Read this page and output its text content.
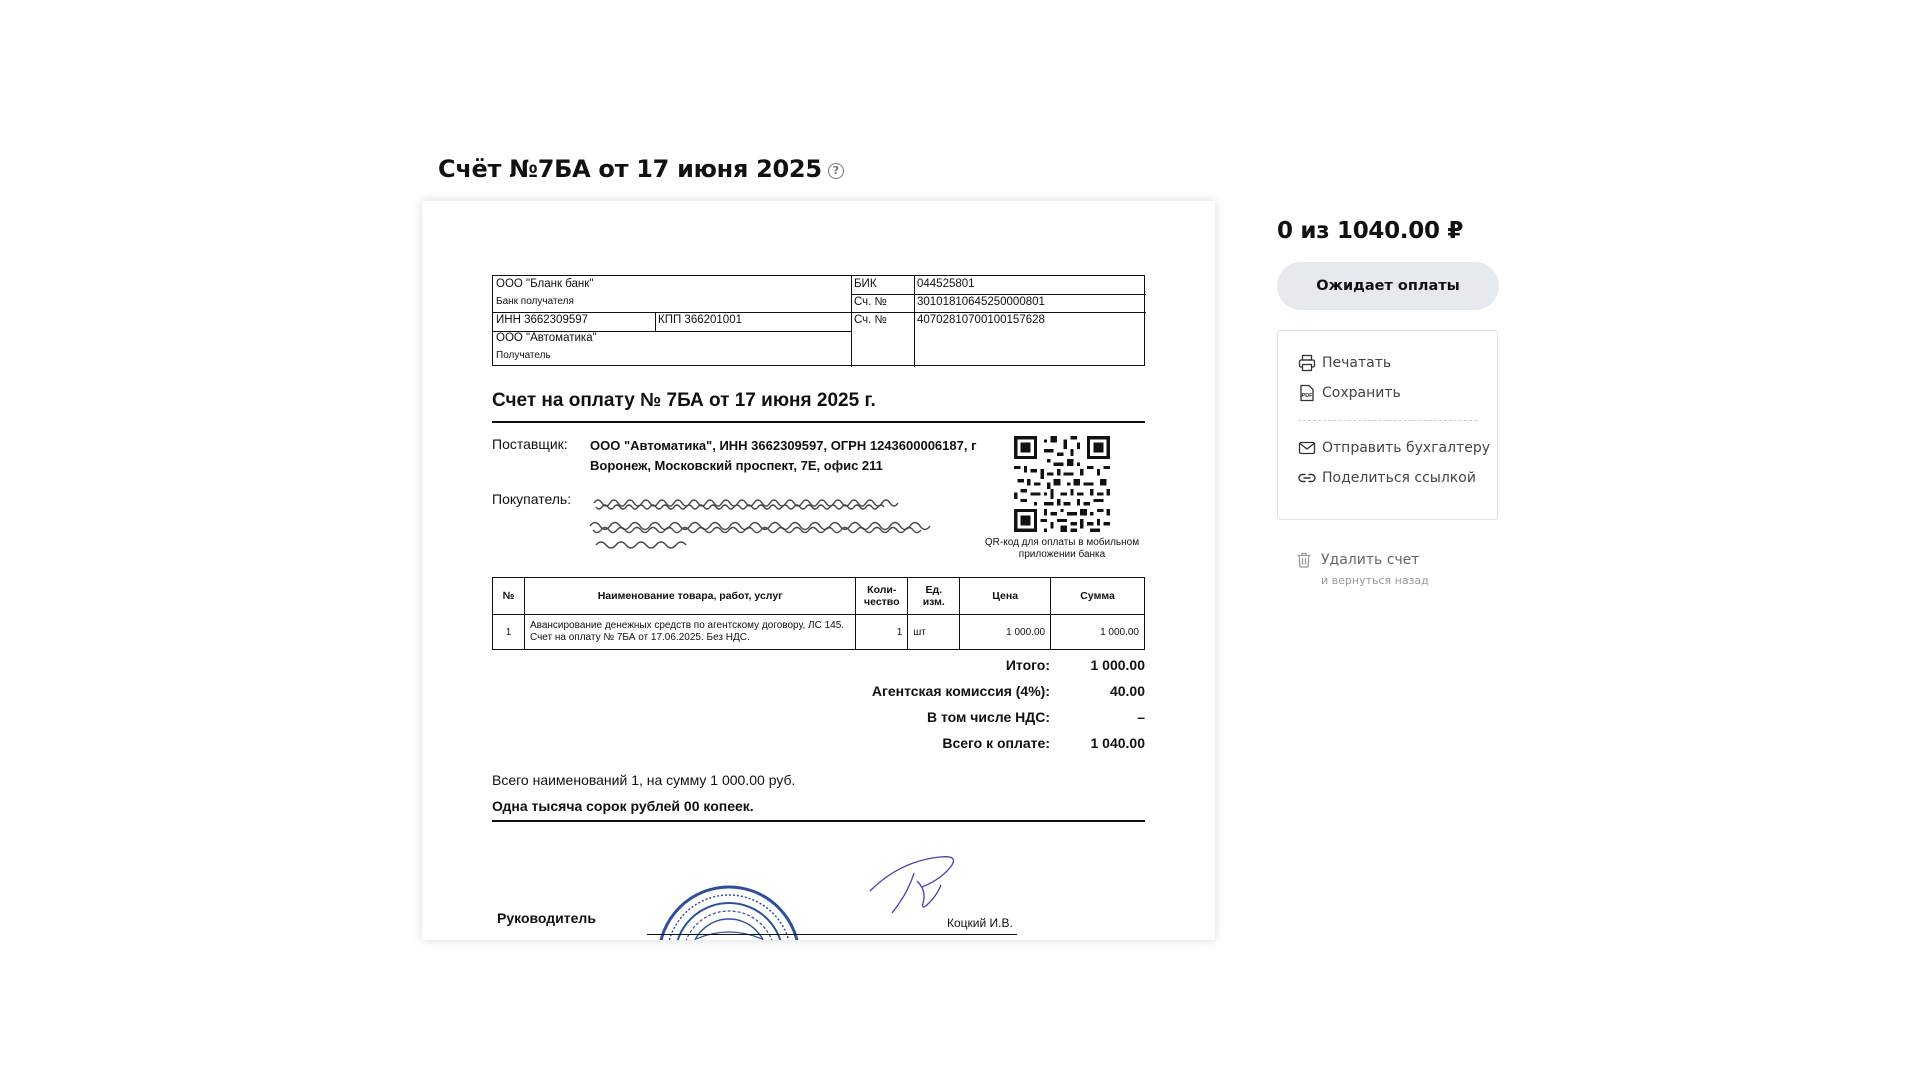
Счёт №7БА от 17 июня 2025 ?
ООО "Бланк банк"
Банк получателя
ИНН 3662309597	КПП 366201001
ООО "Автоматика"
Получатель
БИК	044525801
Сч. №	30101810645250000801
Сч. №	40702810700100157628
Счет на оплату № 7БА от 17 июня 2025 г.
Поставщик: ООО "Автоматика", ИНН 3662309597, ОГРН 1243600006187, г
Воронеж, Московский проспект, 7Е, офис 211
Покупатель:
QR-код для оплаты в мобильном приложении банка
№	Наименование товара, работ, услуг	Коли-чество	Ед. изм.	Цена	Сумма
1	Авансирование денежных средств по агентскому договору, ЛС 145. Счет на оплату № 7БА от 17.06.2025. Без НДС.	1	шт	1 000.00	1 000.00
Итого:	1 000.00
Агентская комиссия (4%):	40.00
В том числе НДС:	–
Всего к оплате:	1 040.00
Всего наименований 1, на сумму 1 000.00 руб.
Одна тысяча сорок рублей 00 копеек.
Руководитель	Коцкий И.В.
0 из 1040.00 ₽
Ожидает оплаты
Печатать
PDF Сохранить
Отправить бухгалтеру
Поделиться ссылкой
Удалить счет
и вернуться назад
